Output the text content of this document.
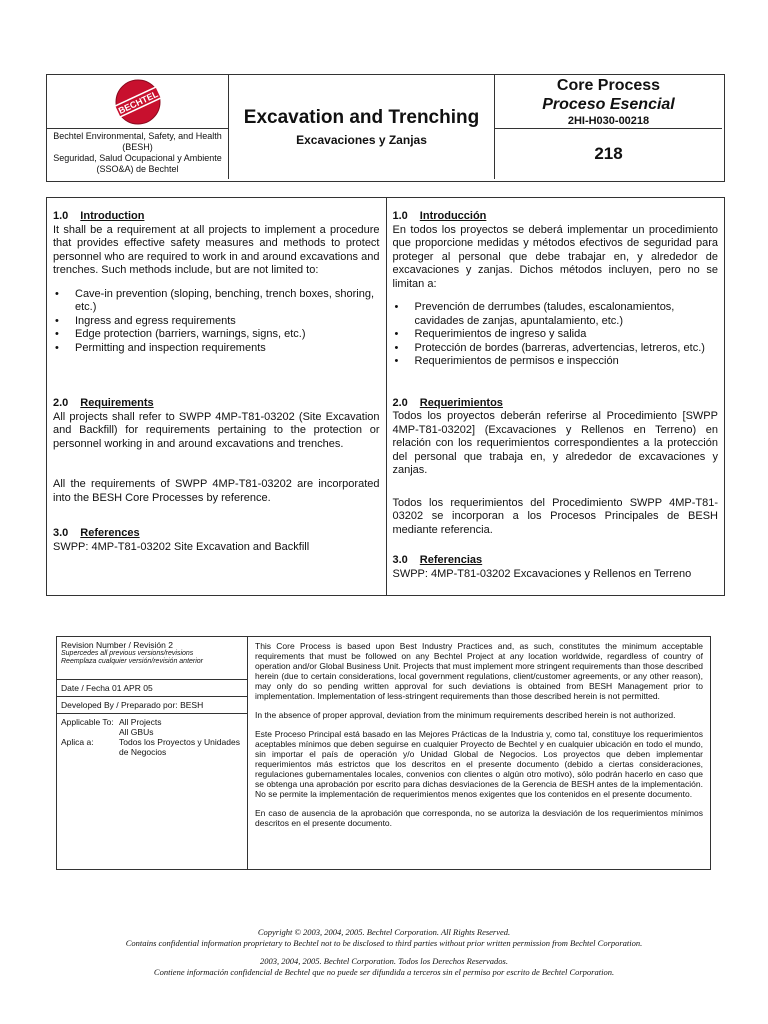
BECHTEL
Bechtel Environmental, Safety, and Health (BESH)
Seguridad, Salud Ocupacional y Ambiente (SSO&A) de Bechtel
Excavation and Trenching
Excavaciones y Zanjas
Core Process
Proceso Esencial
2HI-H030-00218
218
1.0 Introduction

It shall be a requirement at all projects to implement a procedure that provides effective safety measures and methods to protect personnel who are required to work in and around excavations and trenches. Such methods include, but are not limited to:

• Cave-in prevention (sloping, benching, trench boxes, shoring, etc.)
• Ingress and egress requirements
• Edge protection (barriers, warnings, signs, etc.)
• Permitting and inspection requirements
2.0 Requirements

All projects shall refer to SWPP 4MP-T81-03202 (Site Excavation and Backfill) for requirements pertaining to the protection or personnel working in and around excavations and trenches.

All the requirements of SWPP 4MP-T81-03202 are incorporated into the BESH Core Processes by reference.

3.0 References

SWPP: 4MP-T81-03202 Site Excavation and Backfill

1.0 Introducción

En todos los proyectos se deberá implementar un procedimiento que proporcione medidas y métodos efectivos de seguridad para proteger al personal que debe trabajar en, y alrededor de excavaciones y zanjas. Dichos métodos incluyen, pero no se limitan a:

• Prevención de derrumbes (taludes, escalonamientos, cavidades de zanjas, apuntalamiento, etc.)
• Requerimientos de ingreso y salida
• Protección de bordes (barreras, advertencias, letreros, etc.)
• Requerimientos de permisos e inspección
2.0 Requerimientos

Todos los proyectos deberán referirse al Procedimiento [SWPP 4MP-T81-03202] (Excavaciones y Rellenos en Terreno) en relación con los requerimientos correspondientes a la protección del personal que trabaja en, y alrededor de excavaciones y zanjas.

Todos los requerimientos del Procedimiento SWPP 4MP-T81-03202 se incorporan a los Procesos Principales de BESH mediante referencia.

3.0 Referencias

SWPP: 4MP-T81-03202 Excavaciones y Rellenos en Terreno

Revision Number / Revisión 2
Supercedes all previous versions/revisions
Reemplaza cualquier versión/revisión anterior
Date / Fecha 01 APR 05
Developed By / Preparado por: BESH
Applicable To: All Projects
All GBUs
Aplica a:	Todos los Proyectos y Unidades de Negocios

This Core Process is based upon Best Industry Practices and, as such, constitutes the minimum acceptable requirements that must be followed on any Bechtel Project at any location worldwide, regardless of country of operation and/or Global Business Unit. Projects that must implement more stringent requirements than those described herein (due to certain considerations, local government regulations, client/customer agreements, or any other reason), may only do so pending written approval for such deviations is obtained from BESH Management prior to implementation. Implementation of less-stringent requirements than those described herein is not permitted.

In the absence of proper approval, deviation from the minimum requirements described herein is not authorized.

Este Proceso Principal está basado en las Mejores Prácticas de la Industria y, como tal, constituye los requerimientos aceptables mínimos que deben seguirse en cualquier Proyecto de Bechtel y en cualquier ubicación en todo el mundo, sin importar el país de operación y/o Unidad Global de Negocios. Los proyectos que deben implementar requerimientos más estrictos que los descritos en el presente documento (debido a ciertas consideraciones, regulaciones gubernamentales locales, convenios con clientes o algún otro motivo), sólo podrán hacerlo en caso que se obtenga una aprobación por escrito para dichas desviaciones de la Gerencia de BESH antes de la implementación. No se permite la implementación de requerimientos menos exigentes que los contenidos en el presente documento.

En caso de ausencia de la aprobación que corresponda, no se autoriza la desviación de los requerimientos mínimos descritos en el presente documento.

Copyright © 2003, 2004, 2005. Bechtel Corporation. All Rights Reserved.
Contains confidential information proprietary to Bechtel not to be disclosed to third parties without prior written permission from Bechtel Corporation.
2003, 2004, 2005. Bechtel Corporation. Todos los Derechos Reservados.
Contiene información confidencial de Bechtel que no puede ser difundida a terceros sin el permiso por escrito de Bechtel Corporation.
